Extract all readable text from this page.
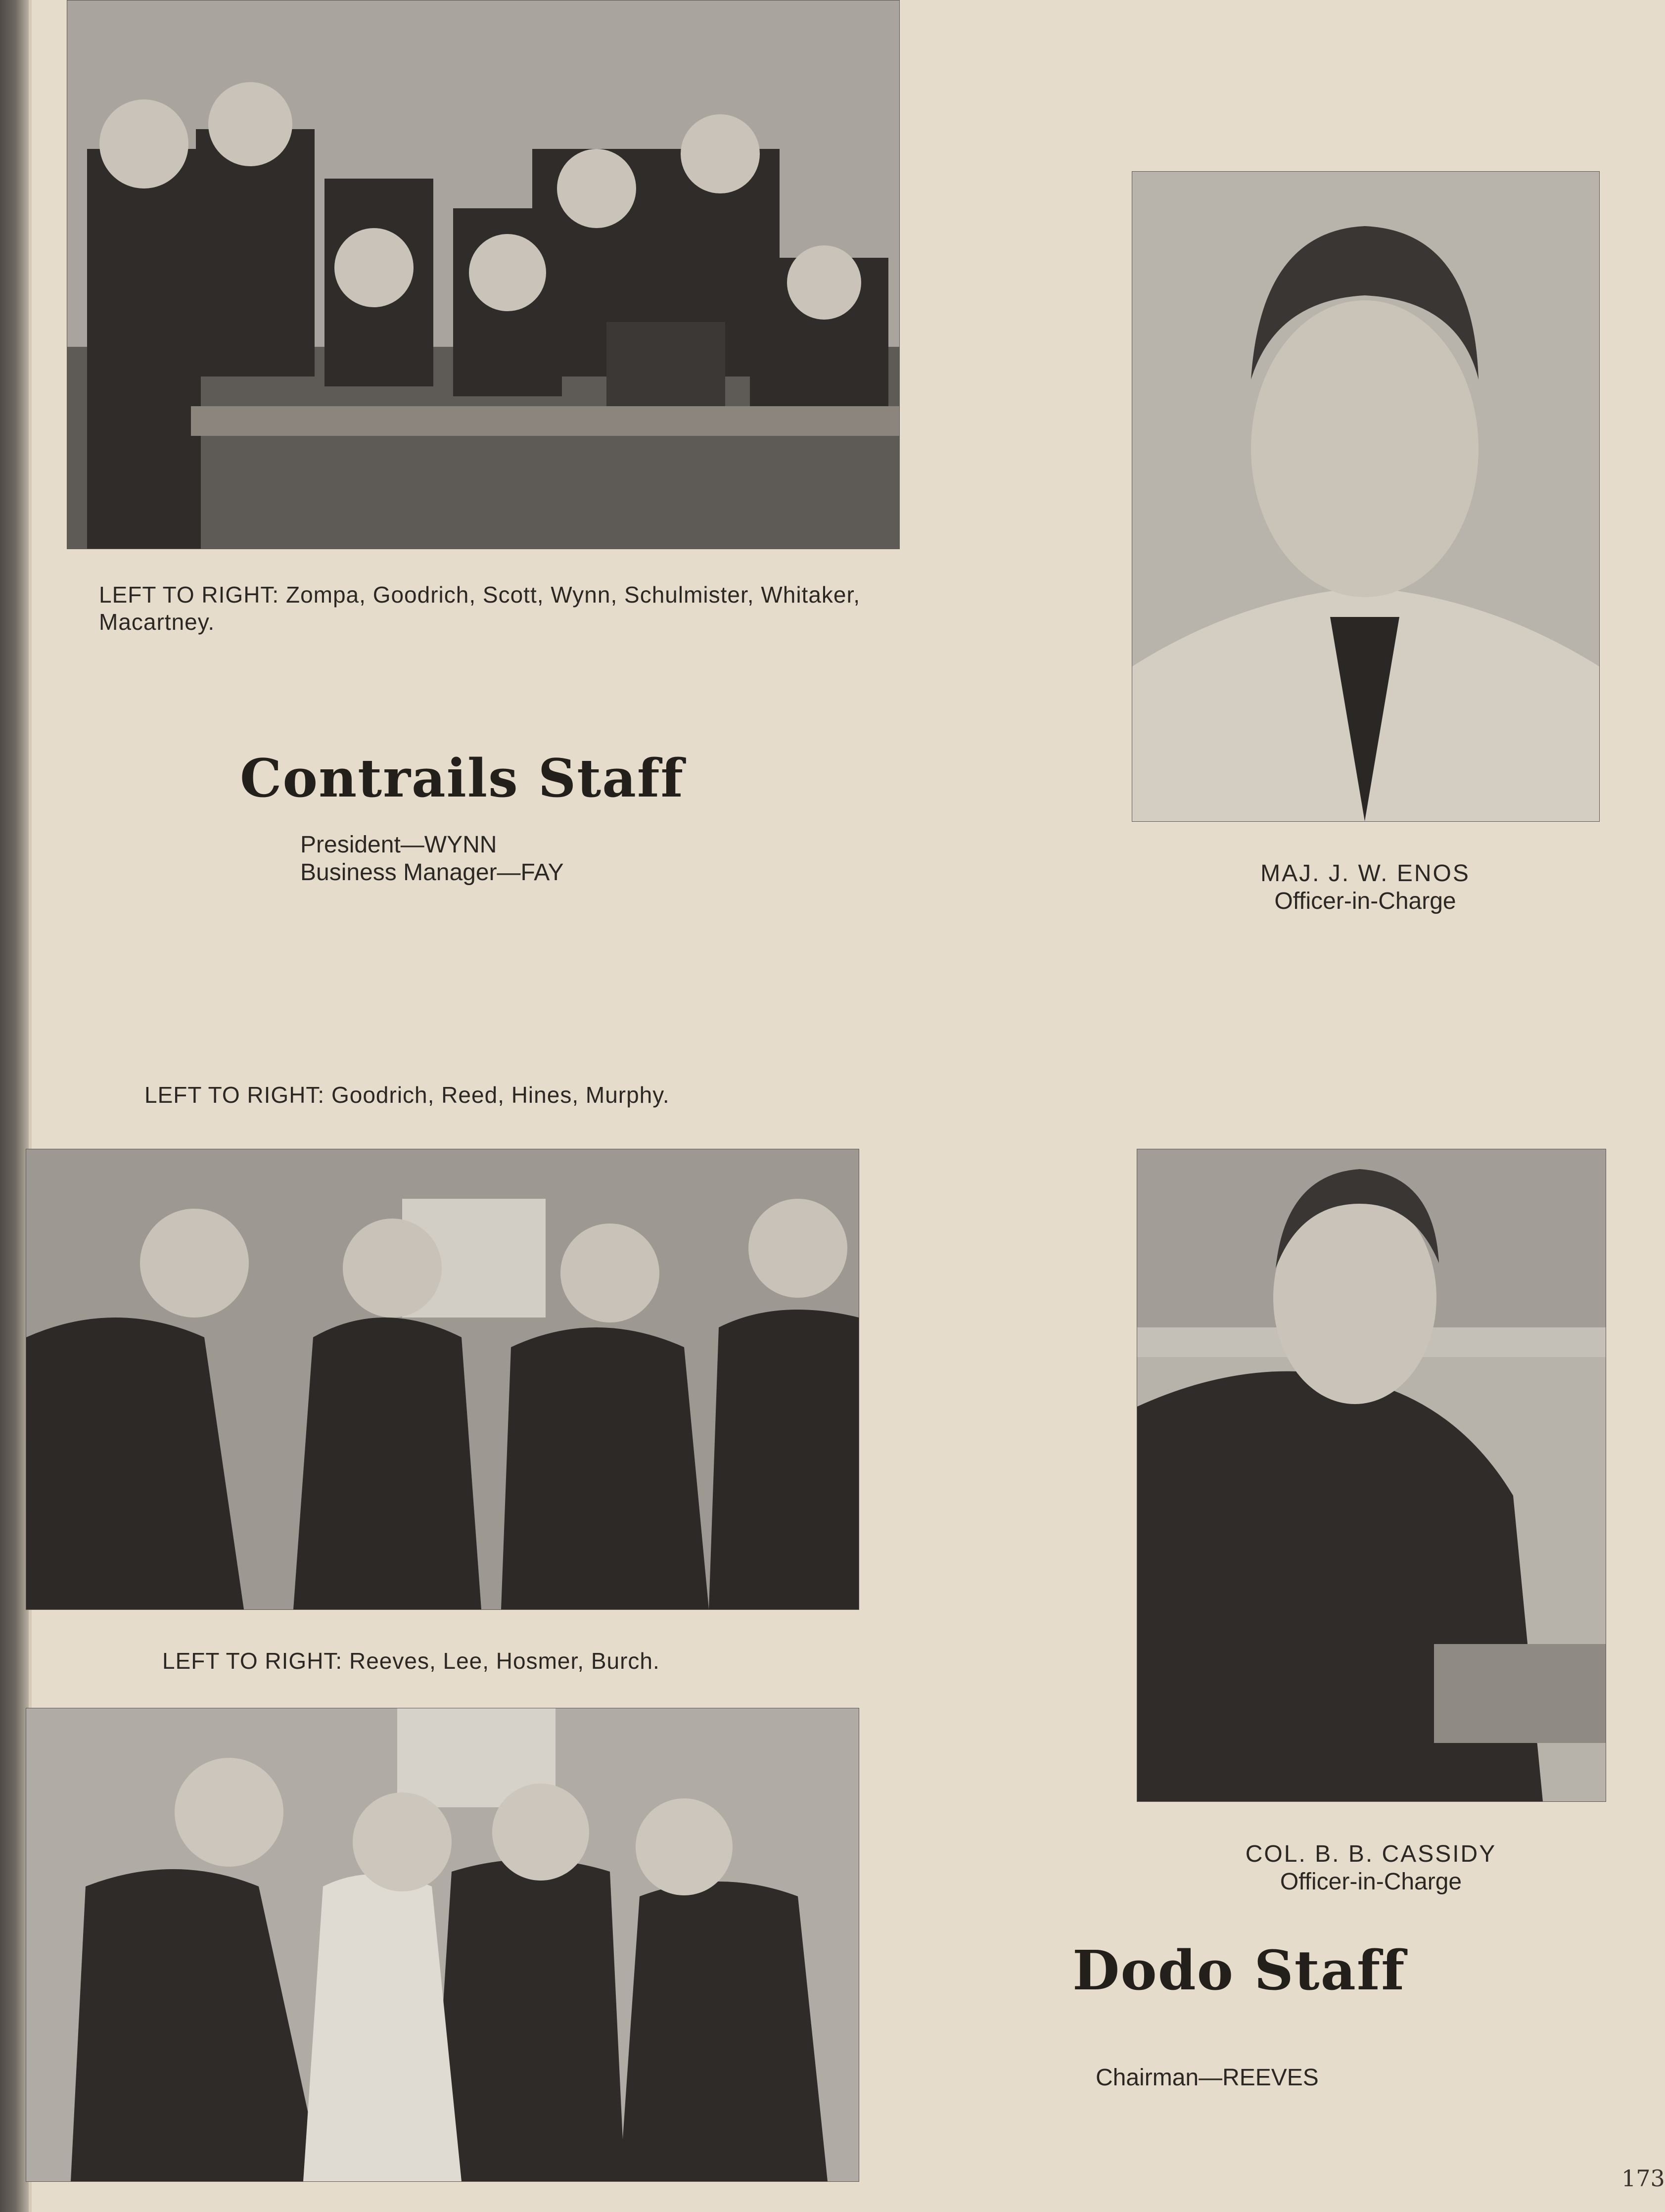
LEFT TO RIGHT: Zompa, Goodrich, Scott, Wynn, Schulmister, Whitaker, Macartney.
Contrails Staff
President—WYNN
Business Manager—FAY	MAJ. J. W. ENOS
Officer-in-Charge
LEFT TO RIGHT: Goodrich, Reed, Hines, Murphy.
LEFT TO RIGHT: Reeves, Lee, Hosmer, Burch.
COL. B. B. CASSIDY
Officer-in-Charge
Dodo Staff
Chairman—REEVES
173
